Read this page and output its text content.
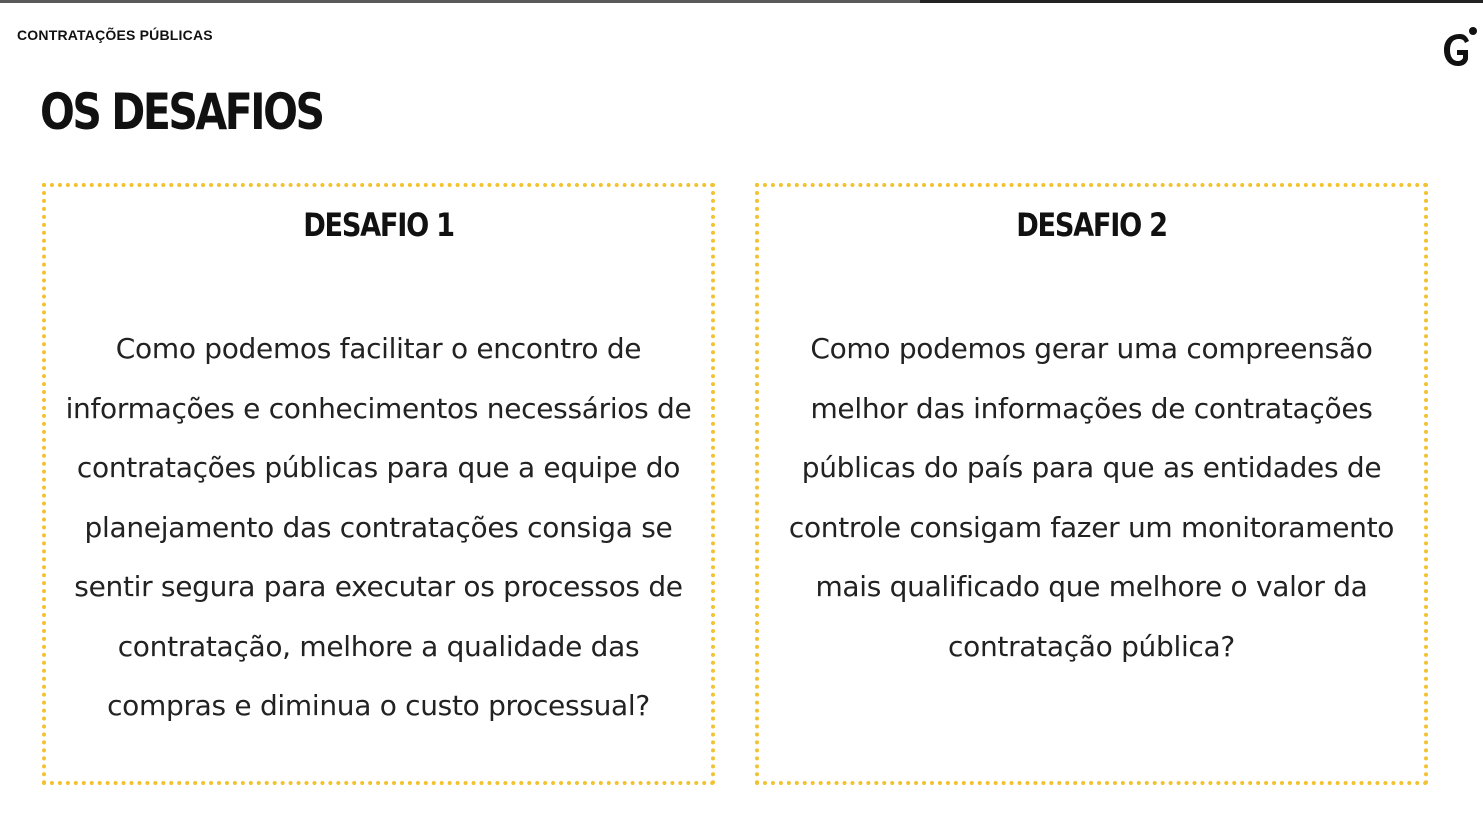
CONTRATAÇÕES PÚBLICAS
OS DESAFIOS
DESAFIO 1
Como podemos facilitar o encontro de informações e conhecimentos necessários de contratações públicas para que a equipe do planejamento das contratações consiga se sentir segura para executar os processos de contratação, melhore a qualidade das compras e diminua o custo processual?
DESAFIO 2
Como podemos gerar uma compreensão melhor das informações de contratações públicas do país para que as entidades de controle consigam fazer um monitoramento mais qualificado que melhore o valor da contratação pública?
